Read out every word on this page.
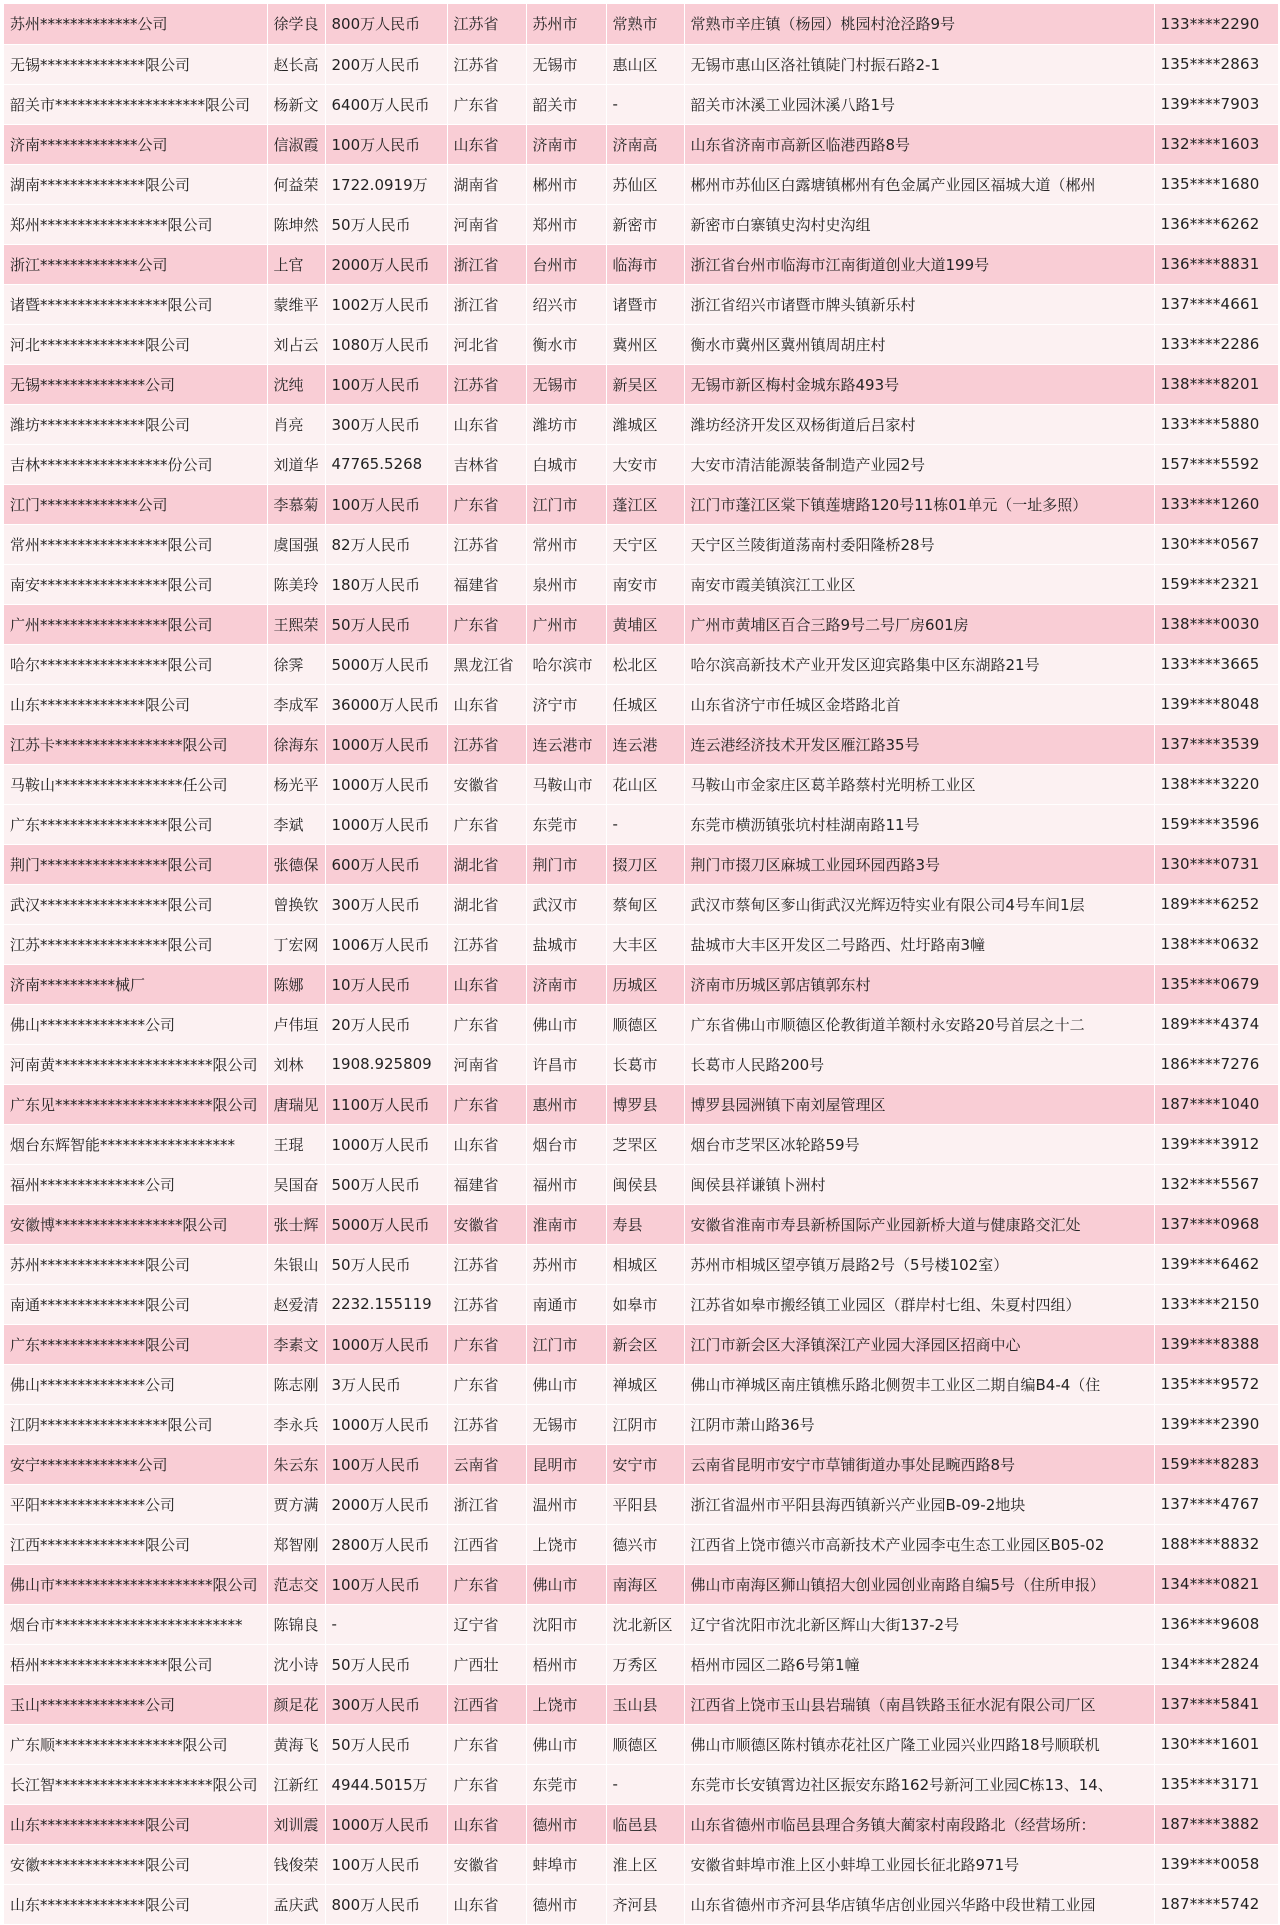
苏州*************公司	徐学良	800万人民币	江苏省	苏州市	常熟市	常熟市辛庄镇（杨园）桃园村沧泾路9号	133****2290
无锡**************限公司	赵长高	200万人民币	江苏省	无锡市	惠山区	无锡市惠山区洛社镇陡门村振石路2-1	135****2863
韶关市********************限公司	杨新文	6400万人民币	广东省	韶关市	-	韶关市沐溪工业园沐溪八路1号	139****7903
济南*************公司	信淑霞	100万人民币	山东省	济南市	济南高	山东省济南市高新区临港西路8号	132****1603
湖南**************限公司	何益荣	1722.0919万	湖南省	郴州市	苏仙区	郴州市苏仙区白露塘镇郴州有色金属产业园区福城大道（郴州	135****1680
郑州*****************限公司	陈坤然	50万人民币	河南省	郑州市	新密市	新密市白寨镇史沟村史沟组	136****6262
浙江*************公司	上官	2000万人民币	浙江省	台州市	临海市	浙江省台州市临海市江南街道创业大道199号	136****8831
诸暨*****************限公司	蒙维平	1002万人民币	浙江省	绍兴市	诸暨市	浙江省绍兴市诸暨市牌头镇新乐村	137****4661
河北**************限公司	刘占云	1080万人民币	河北省	衡水市	冀州区	衡水市冀州区冀州镇周胡庄村	133****2286
无锡**************公司	沈纯	100万人民币	江苏省	无锡市	新吴区	无锡市新区梅村金城东路493号	138****8201
潍坊**************限公司	肖亮	300万人民币	山东省	潍坊市	潍城区	潍坊经济开发区双杨街道后吕家村	133****5880
吉林*****************份公司	刘道华	47765.5268	吉林省	白城市	大安市	大安市清洁能源装备制造产业园2号	157****5592
江门*************公司	李慕菊	100万人民币	广东省	江门市	蓬江区	江门市蓬江区棠下镇莲塘路120号11栋01单元（一址多照）	133****1260
常州*****************限公司	虞国强	82万人民币	江苏省	常州市	天宁区	天宁区兰陵街道荡南村委阳隆桥28号	130****0567
南安*****************限公司	陈美玲	180万人民币	福建省	泉州市	南安市	南安市霞美镇滨江工业区	159****2321
广州*****************限公司	王熙荣	50万人民币	广东省	广州市	黄埔区	广州市黄埔区百合三路9号二号厂房601房	138****0030
哈尔*****************限公司	徐霁	5000万人民币	黑龙江省	哈尔滨市	松北区	哈尔滨高新技术产业开发区迎宾路集中区东湖路21号	133****3665
山东**************限公司	李成军	36000万人民币	山东省	济宁市	任城区	山东省济宁市任城区金塔路北首	139****8048
江苏卡*****************限公司	徐海东	1000万人民币	江苏省	连云港市	连云港	连云港经济技术开发区雁江路35号	137****3539
马鞍山*****************任公司	杨光平	1000万人民币	安徽省	马鞍山市	花山区	马鞍山市金家庄区葛羊路蔡村光明桥工业区	138****3220
广东*****************限公司	李斌	1000万人民币	广东省	东莞市	-	东莞市横沥镇张坑村桂湖南路11号	159****3596
荆门*****************限公司	张德保	600万人民币	湖北省	荆门市	掇刀区	荆门市掇刀区麻城工业园环园西路3号	130****0731
武汉*****************限公司	曾换钦	300万人民币	湖北省	武汉市	蔡甸区	武汉市蔡甸区奓山街武汉光辉迈特实业有限公司4号车间1层	189****6252
江苏*****************限公司	丁宏网	1006万人民币	江苏省	盐城市	大丰区	盐城市大丰区开发区二号路西、灶圩路南3幢	138****0632
济南**********械厂	陈娜	10万人民币	山东省	济南市	历城区	济南市历城区郭店镇郭东村	135****0679
佛山**************公司	卢伟垣	20万人民币	广东省	佛山市	顺德区	广东省佛山市顺德区伦教街道羊额村永安路20号首层之十二	189****4374
河南黄*********************限公司	刘林	1908.925809	河南省	许昌市	长葛市	长葛市人民路200号	186****7276
广东见*********************限公司	唐瑞见	1100万人民币	广东省	惠州市	博罗县	博罗县园洲镇下南刘屋管理区	187****1040
烟台东辉智能******************	王琨	1000万人民币	山东省	烟台市	芝罘区	烟台市芝罘区冰轮路59号	139****3912
福州**************公司	吴国奋	500万人民币	福建省	福州市	闽侯县	闽侯县祥谦镇卜洲村	132****5567
安徽博*****************限公司	张士辉	5000万人民币	安徽省	淮南市	寿县	安徽省淮南市寿县新桥国际产业园新桥大道与健康路交汇处	137****0968
苏州**************限公司	朱银山	50万人民币	江苏省	苏州市	相城区	苏州市相城区望亭镇万晨路2号（5号楼102室）	139****6462
南通**************限公司	赵爱清	2232.155119	江苏省	南通市	如皋市	江苏省如皋市搬经镇工业园区（群岸村七组、朱夏村四组）	133****2150
广东**************限公司	李素文	1000万人民币	广东省	江门市	新会区	江门市新会区大泽镇深江产业园大泽园区招商中心	139****8388
佛山**************公司	陈志刚	3万人民币	广东省	佛山市	禅城区	佛山市禅城区南庄镇樵乐路北侧贺丰工业区二期自编B4-4（住	135****9572
江阴*****************限公司	李永兵	1000万人民币	江苏省	无锡市	江阴市	江阴市萧山路36号	139****2390
安宁*************公司	朱云东	100万人民币	云南省	昆明市	安宁市	云南省昆明市安宁市草铺街道办事处昆畹西路8号	159****8283
平阳**************公司	贾方满	2000万人民币	浙江省	温州市	平阳县	浙江省温州市平阳县海西镇新兴产业园B-09-2地块	137****4767
江西**************限公司	郑智刚	2800万人民币	江西省	上饶市	德兴市	江西省上饶市德兴市高新技术产业园李屯生态工业园区B05-02	188****8832
佛山市*********************限公司	范志交	100万人民币	广东省	佛山市	南海区	佛山市南海区狮山镇招大创业园创业南路自编5号（住所申报）	134****0821
烟台市*************************	陈锦良	-	辽宁省	沈阳市	沈北新区	辽宁省沈阳市沈北新区辉山大街137-2号	136****9608
梧州*****************限公司	沈小诗	50万人民币	广西壮	梧州市	万秀区	梧州市园区二路6号第1幢	134****2824
玉山**************公司	颜足花	300万人民币	江西省	上饶市	玉山县	江西省上饶市玉山县岩瑞镇（南昌铁路玉征水泥有限公司厂区	137****5841
广东顺*****************限公司	黄海飞	50万人民币	广东省	佛山市	顺德区	佛山市顺德区陈村镇赤花社区广隆工业园兴业四路18号顺联机	130****1601
长江智*********************限公司	江新红	4944.5015万	广东省	东莞市	-	东莞市长安镇霄边社区振安东路162号新河工业园C栋13、14、	135****3171
山东**************限公司	刘训震	1000万人民币	山东省	德州市	临邑县	山东省德州市临邑县理合务镇大蔺家村南段路北（经营场所：	187****3882
安徽**************限公司	钱俊荣	100万人民币	安徽省	蚌埠市	淮上区	安徽省蚌埠市淮上区小蚌埠工业园长征北路971号	139****0058
山东**************限公司	孟庆武	800万人民币	山东省	德州市	齐河县	山东省德州市齐河县华店镇华店创业园兴华路中段世精工业园	187****5742
